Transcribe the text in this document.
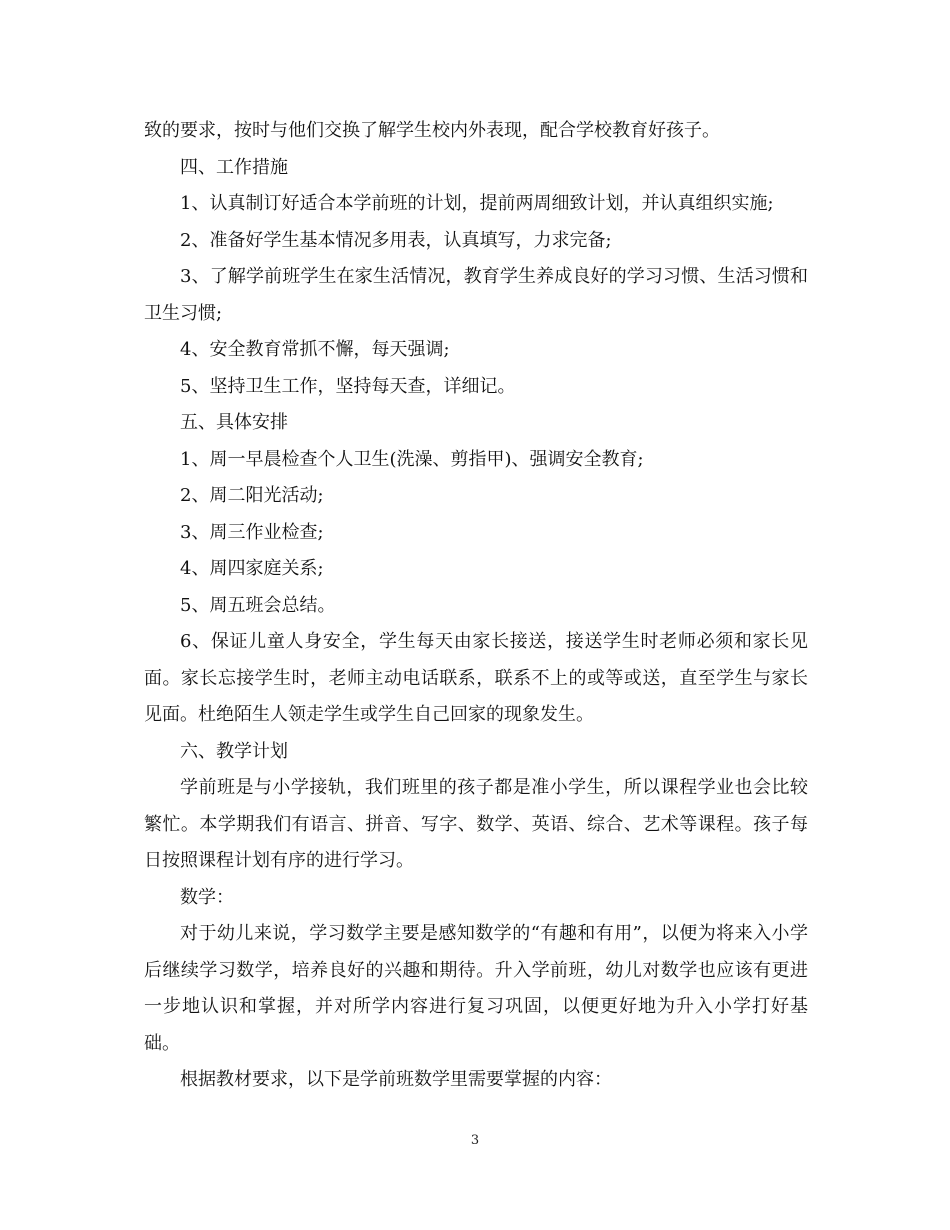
致的要求，按时与他们交换了解学生校内外表现，配合学校教育好孩子。

四、工作措施

1、认真制订好适合本学前班的计划，提前两周细致计划，并认真组织实施;

2、准备好学生基本情况多用表，认真填写，力求完备;

3、了解学前班学生在家生活情况，教育学生养成良好的学习习惯、生活习惯和卫生习惯;

4、安全教育常抓不懈，每天强调;

5、坚持卫生工作，坚持每天查，详细记。

五、具体安排

1、周一早晨检查个人卫生(洗澡、剪指甲)、强调安全教育;

2、周二阳光活动;

3、周三作业检查;

4、周四家庭关系;

5、周五班会总结。

6、保证儿童人身安全，学生每天由家长接送，接送学生时老师必须和家长见面。家长忘接学生时，老师主动电话联系，联系不上的或等或送，直至学生与家长见面。杜绝陌生人领走学生或学生自己回家的现象发生。

六、教学计划

学前班是与小学接轨，我们班里的孩子都是准小学生，所以课程学业也会比较繁忙。本学期我们有语言、拼音、写字、数学、英语、综合、艺术等课程。孩子每日按照课程计划有序的进行学习。

数学：

对于幼儿来说，学习数学主要是感知数学的“有趣和有用”，以便为将来入小学后继续学习数学，培养良好的兴趣和期待。升入学前班，幼儿对数学也应该有更进一步地认识和掌握，并对所学内容进行复习巩固，以便更好地为升入小学打好基础。

根据教材要求，以下是学前班数学里需要掌握的内容：

3
